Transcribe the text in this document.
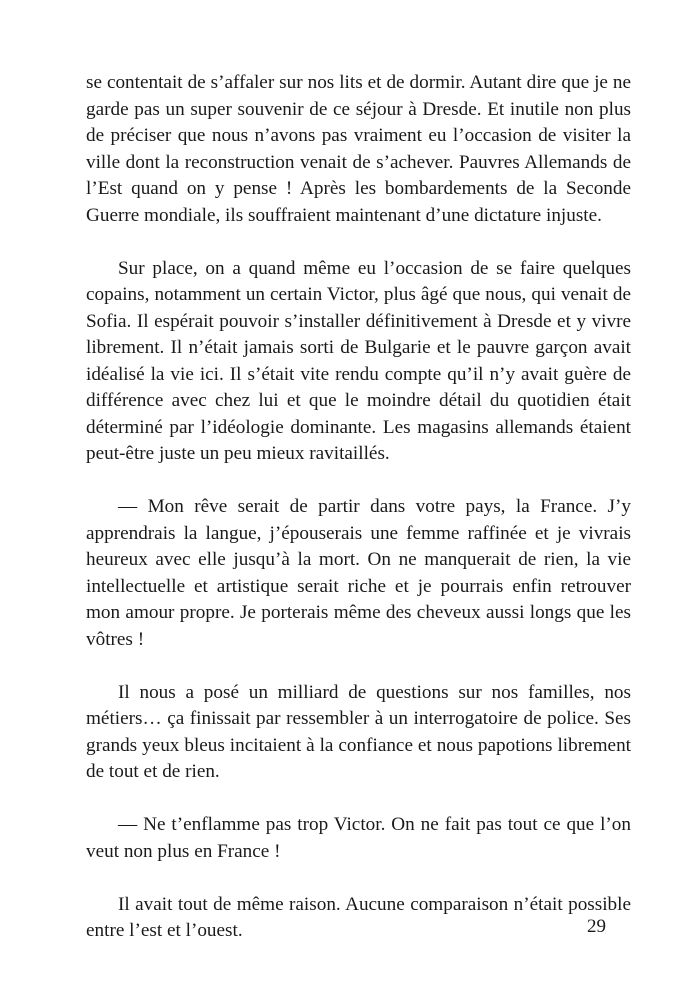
se contentait de s’affaler sur nos lits et de dormir. Autant dire que je ne garde pas un super souvenir de ce séjour à Dresde. Et inutile non plus de préciser que nous n’avons pas vraiment eu l’occasion de visiter la ville dont la reconstruction venait de s’achever. Pauvres Allemands de l’Est quand on y pense ! Après les bombardements de la Seconde Guerre mondiale, ils souffraient maintenant d’une dictature injuste.

Sur place, on a quand même eu l’occasion de se faire quelques copains, notamment un certain Victor, plus âgé que nous, qui venait de Sofia. Il espérait pouvoir s’installer définitivement à Dresde et y vivre librement. Il n’était jamais sorti de Bulgarie et le pauvre garçon avait idéalisé la vie ici. Il s’était vite rendu compte qu’il n’y avait guère de différence avec chez lui et que le moindre détail du quotidien était déterminé par l’idéologie dominante. Les magasins allemands étaient peut-être juste un peu mieux ravitaillés.

— Mon rêve serait de partir dans votre pays, la France. J’y apprendrais la langue, j’épouserais une femme raffinée et je vivrais heureux avec elle jusqu’à la mort. On ne manquerait de rien, la vie intellectuelle et artistique serait riche et je pourrais enfin retrouver mon amour propre. Je porterais même des cheveux aussi longs que les vôtres !

Il nous a posé un milliard de questions sur nos familles, nos métiers… ça finissait par ressembler à un interrogatoire de police. Ses grands yeux bleus incitaient à la confiance et nous papotions librement de tout et de rien.

— Ne t’enflamme pas trop Victor. On ne fait pas tout ce que l’on veut non plus en France !

Il avait tout de même raison. Aucune comparaison n’était possible entre l’est et l’ouest.	29
